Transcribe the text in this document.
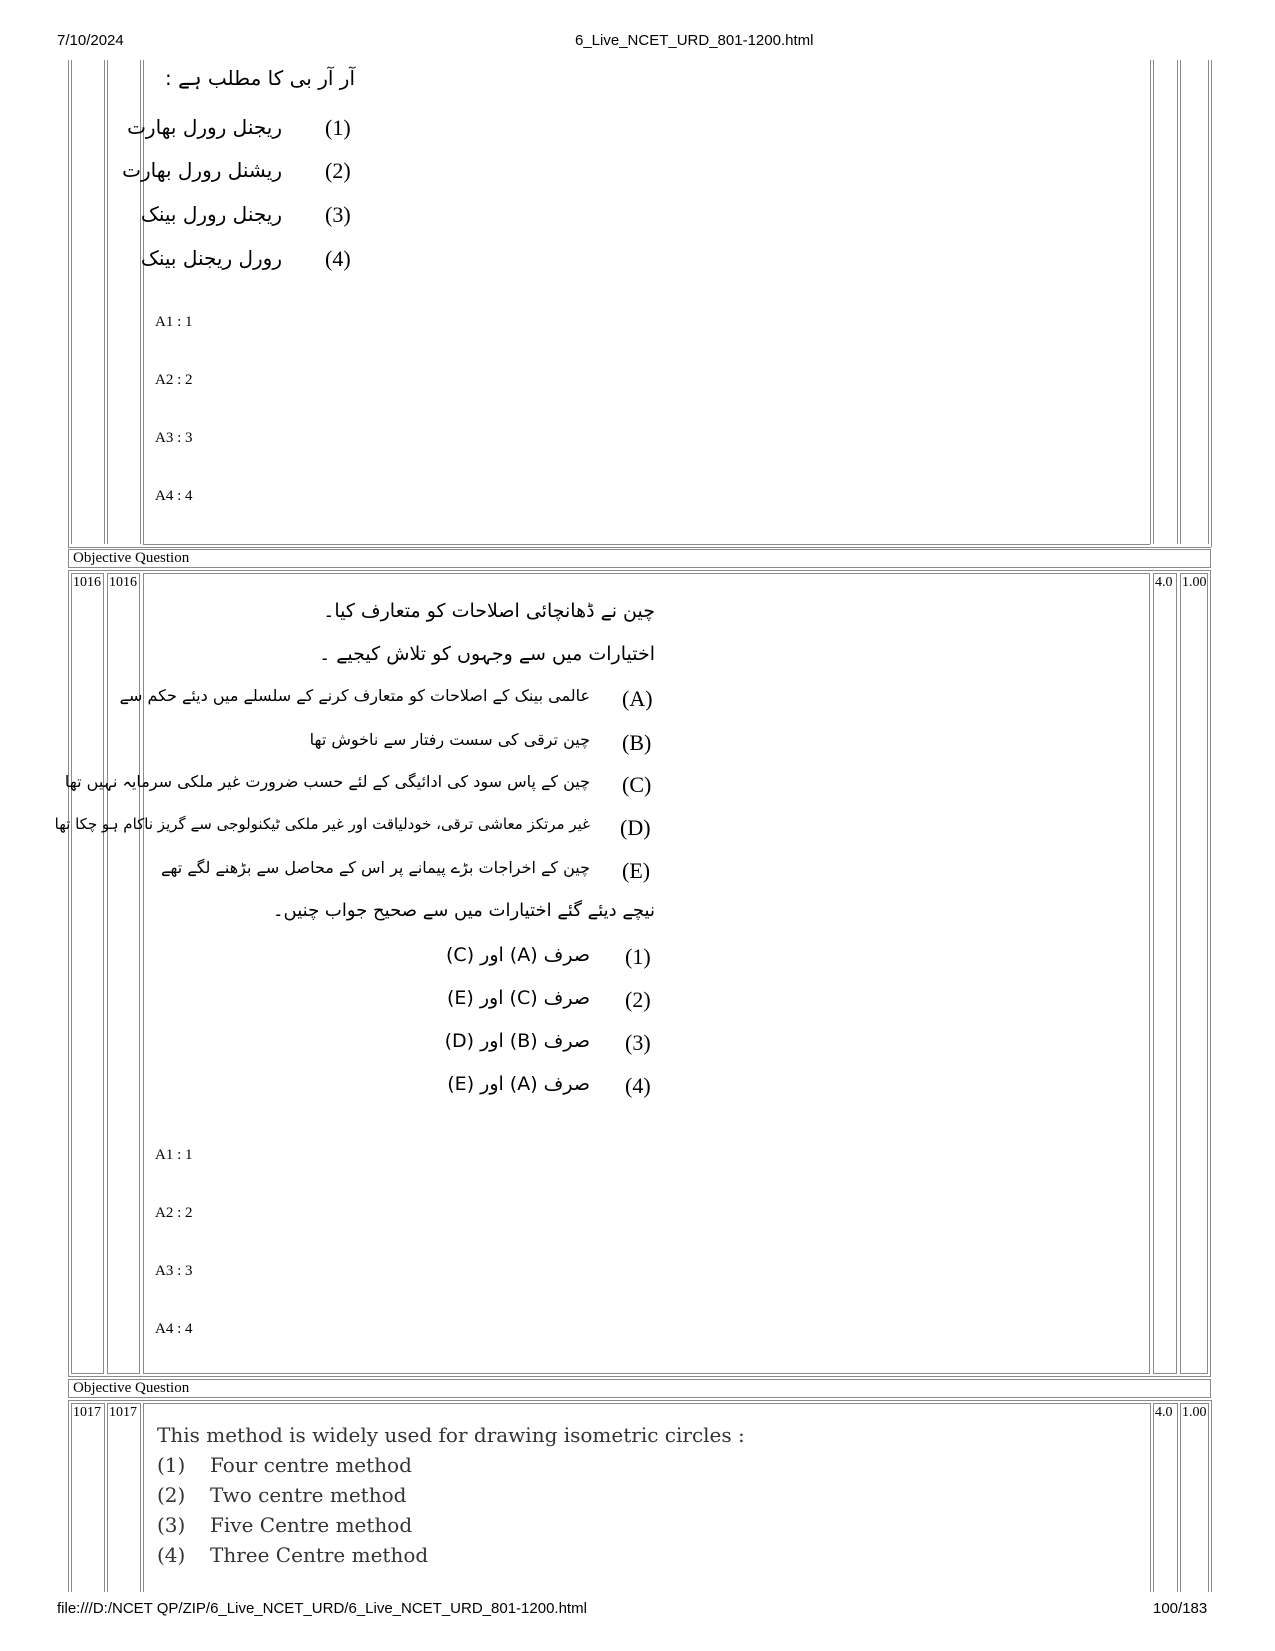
7/10/2024	6_Live_NCET_URD_801-1200.html
آر آر بی کا مطلب ہے :
ریجنل رورل بھارت (1)
ریشنل رورل بھارت (2)
ریجنل رورل بینک (3)
رورل ریجنل بینک (4)
A1 : 1
A2 : 2
A3 : 3
A4 : 4
Objective Question
1016 1016	4.0 1.00
چین نے ڈھانچائی اصلاحات کو متعارف کیا۔
اختیارات میں سے وجہوں کو تلاش کیجیے ۔
عالمی بینک کے اصلاحات کو متعارف کرنے کے سلسلے میں دیئے حکم سے (A)
چین ترقی کی سست رفتار سے ناخوش تھا (B)
چین کے پاس سود کی ادائیگی کے لئے حسب ضرورت غیر ملکی سرمایہ نہیں تھا (C)
غیر مرتکز معاشی ترقی، خودلیاقت اور غیر ملکی ٹیکنولوجی سے گریز ناکام ہو چکا تھا (D)
چین کے اخراجات بڑے پیمانے پر اس کے محاصل سے بڑھنے لگے تھے (E)
نیچے دیئے گئے اختیارات میں سے صحیح جواب چنیں۔
صرف (A) اور (C) (1)
صرف (C) اور (E) (2)
صرف (B) اور (D) (3)
صرف (A) اور (E) (4)
A1 : 1
A2 : 2
A3 : 3
A4 : 4
Objective Question
1017 1017	4.0 1.00
This method is widely used for drawing isometric circles :
(1) Four centre method
(2) Two centre method
(3) Five Centre method
(4) Three Centre method
file:///D:/NCET QP/ZIP/6_Live_NCET_URD/6_Live_NCET_URD_801-1200.html	100/183
